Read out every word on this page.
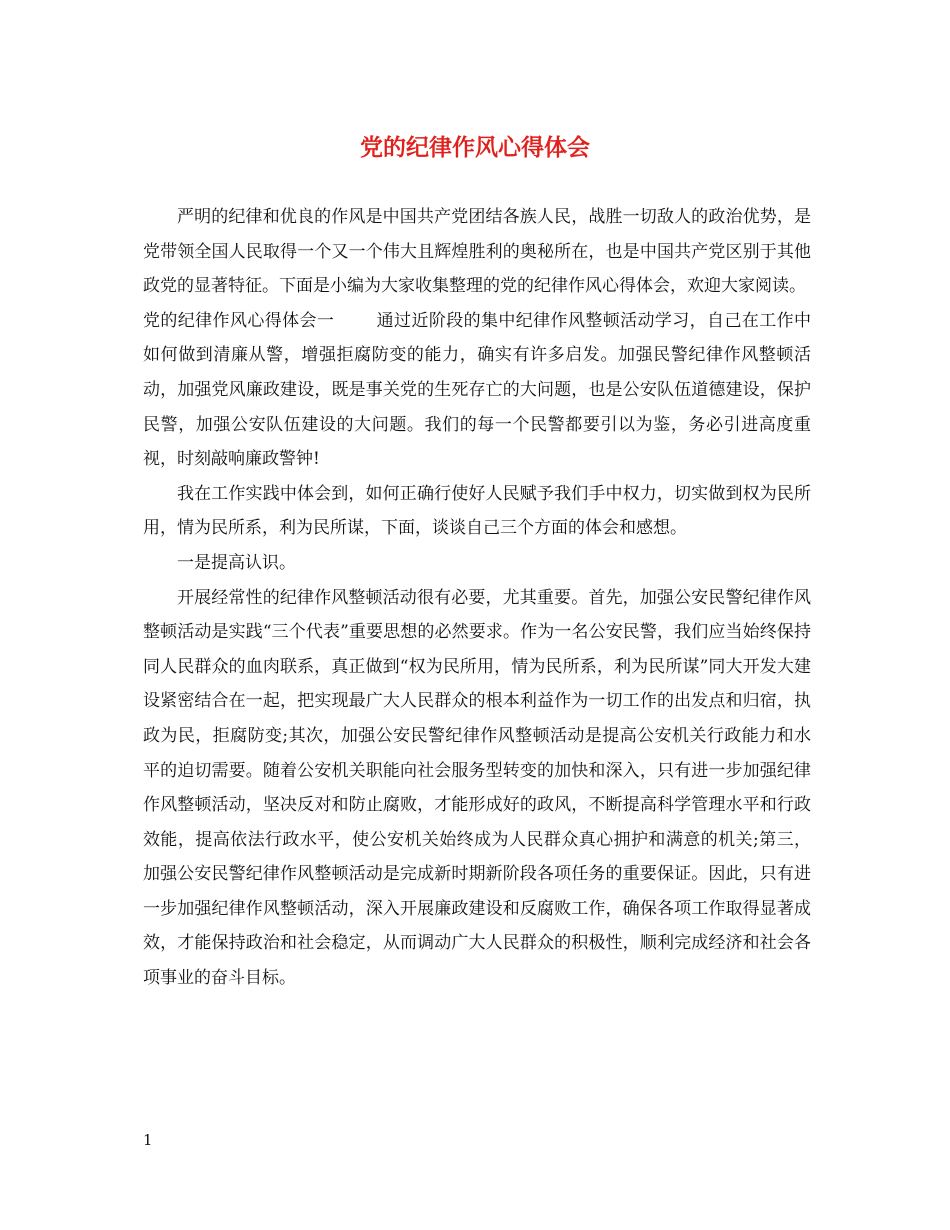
党的纪律作风心得体会

严明的纪律和优良的作风是中国共产党团结各族人民，战胜一切敌人的政治优势，是党带领全国人民取得一个又一个伟大且辉煌胜利的奥秘所在，也是中国共产党区别于其他政党的显著特征。下面是小编为大家收集整理的党的纪律作风心得体会，欢迎大家阅读。

党的纪律作风心得体会一 通过近阶段的集中纪律作风整顿活动学习，自己在工作中如何做到清廉从警，增强拒腐防变的能力，确实有许多启发。加强民警纪律作风整顿活动，加强党风廉政建设，既是事关党的生死存亡的大问题，也是公安队伍道德建设，保护民警，加强公安队伍建设的大问题。我们的每一个民警都要引以为鉴，务必引进高度重视，时刻敲响廉政警钟!

我在工作实践中体会到，如何正确行使好人民赋予我们手中权力，切实做到权为民所用，情为民所系，利为民所谋，下面，谈谈自己三个方面的体会和感想。

一是提高认识。

开展经常性的纪律作风整顿活动很有必要，尤其重要。首先，加强公安民警纪律作风整顿活动是实践“三个代表”重要思想的必然要求。作为一名公安民警，我们应当始终保持同人民群众的血肉联系，真正做到“权为民所用，情为民所系，利为民所谋”同大开发大建设紧密结合在一起，把实现最广大人民群众的根本利益作为一切工作的出发点和归宿，执政为民，拒腐防变;其次，加强公安民警纪律作风整顿活动是提高公安机关行政能力和水平的迫切需要。随着公安机关职能向社会服务型转变的加快和深入，只有进一步加强纪律作风整顿活动，坚决反对和防止腐败，才能形成好的政风，不断提高科学管理水平和行政效能，提高依法行政水平，使公安机关始终成为人民群众真心拥护和满意的机关;第三，加强公安民警纪律作风整顿活动是完成新时期新阶段各项任务的重要保证。因此，只有进一步加强纪律作风整顿活动，深入开展廉政建设和反腐败工作，确保各项工作取得显著成效，才能保持政治和社会稳定，从而调动广大人民群众的积极性，顺利完成经济和社会各项事业的奋斗目标。

1
